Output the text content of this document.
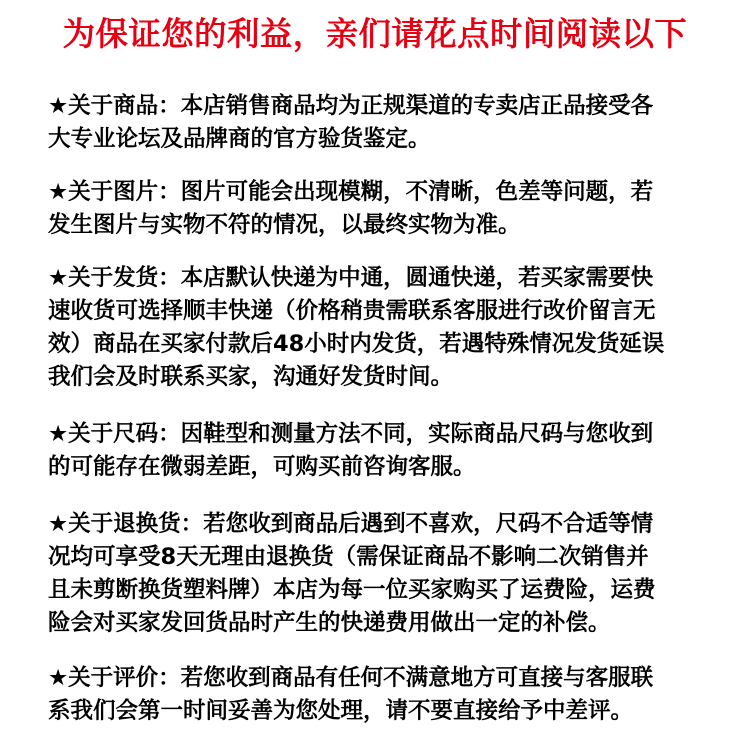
为保证您的利益，亲们请花点时间阅读以下
★关于商品：本店销售商品均为正规渠道的专卖店正品接受各
大专业论坛及品牌商的官方验货鉴定。
★关于图片：图片可能会出现模糊，不清晰，色差等问题，若
发生图片与实物不符的情况，以最终实物为准。
★关于发货：本店默认快递为中通，圆通快递，若买家需要快
速收货可选择顺丰快递（价格稍贵需联系客服进行改价留言无
效）商品在买家付款后48小时内发货，若遇特殊情况发货延误
我们会及时联系买家，沟通好发货时间。
★关于尺码：因鞋型和测量方法不同，实际商品尺码与您收到
的可能存在微弱差距，可购买前咨询客服。
★关于退换货：若您收到商品后遇到不喜欢，尺码不合适等情
况均可享受8天无理由退换货（需保证商品不影响二次销售并
且未剪断换货塑料牌）本店为每一位买家购买了运费险，运费
险会对买家发回货品时产生的快递费用做出一定的补偿。
★关于评价：若您收到商品有任何不满意地方可直接与客服联
系我们会第一时间妥善为您处理，请不要直接给予中差评。
